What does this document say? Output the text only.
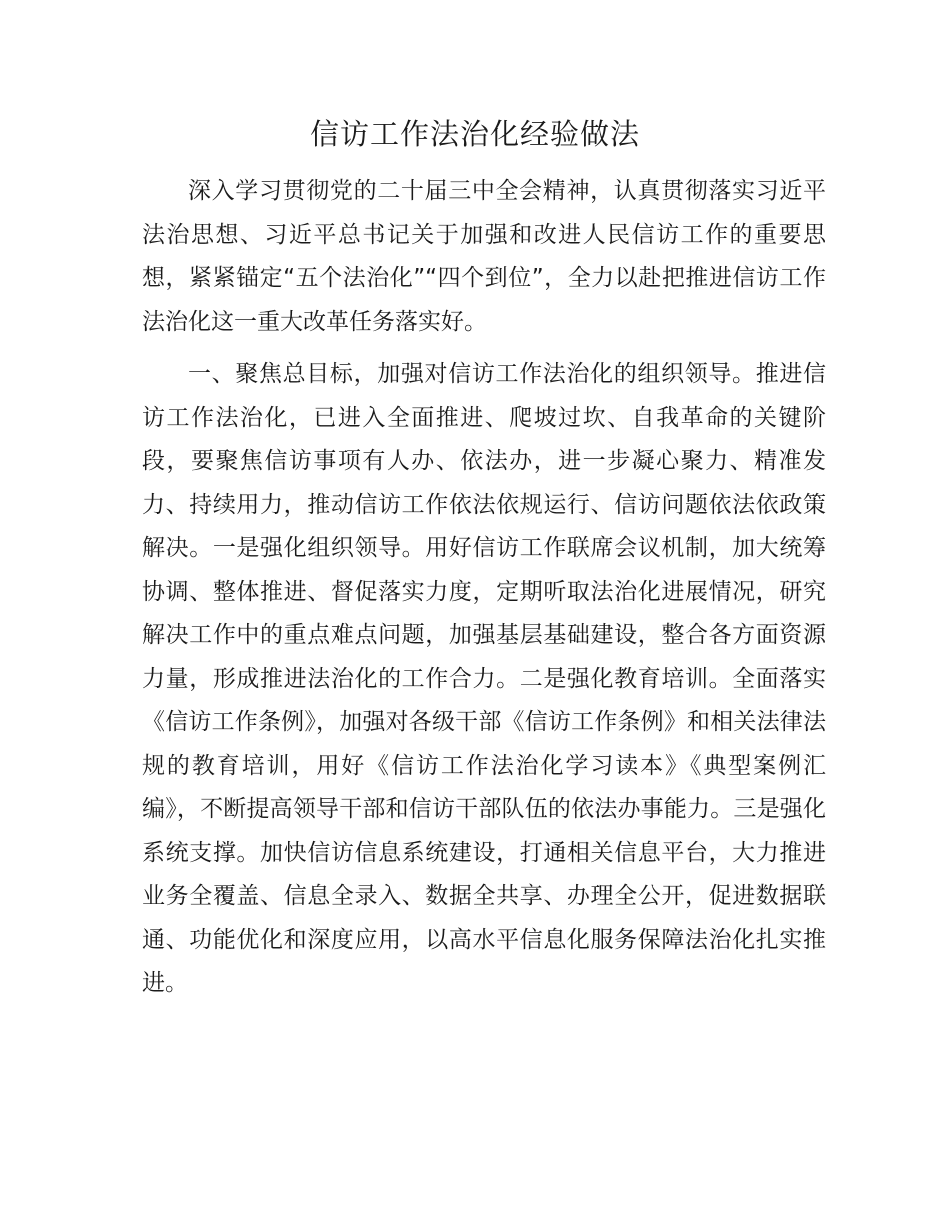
信访工作法治化经验做法

深入学习贯彻党的二十届三中全会精神，认真贯彻落实习近平法治思想、习近平总书记关于加强和改进人民信访工作的重要思想，紧紧锚定“五个法治化”“四个到位”，全力以赴把推进信访工作法治化这一重大改革任务落实好。

一、聚焦总目标，加强对信访工作法治化的组织领导。推进信访工作法治化，已进入全面推进、爬坡过坎、自我革命的关键阶段，要聚焦信访事项有人办、依法办，进一步凝心聚力、精准发力、持续用力，推动信访工作依法依规运行、信访问题依法依政策解决。一是强化组织领导。用好信访工作联席会议机制，加大统筹协调、整体推进、督促落实力度，定期听取法治化进展情况，研究解决工作中的重点难点问题，加强基层基础建设，整合各方面资源力量，形成推进法治化的工作合力。二是强化教育培训。全面落实《信访工作条例》，加强对各级干部《信访工作条例》和相关法律法规的教育培训，用好《信访工作法治化学习读本》《典型案例汇编》，不断提高领导干部和信访干部队伍的依法办事能力。三是强化系统支撑。加快信访信息系统建设，打通相关信息平台，大力推进业务全覆盖、信息全录入、数据全共享、办理全公开，促进数据联通、功能优化和深度应用，以高水平信息化服务保障法治化扎实推进。
